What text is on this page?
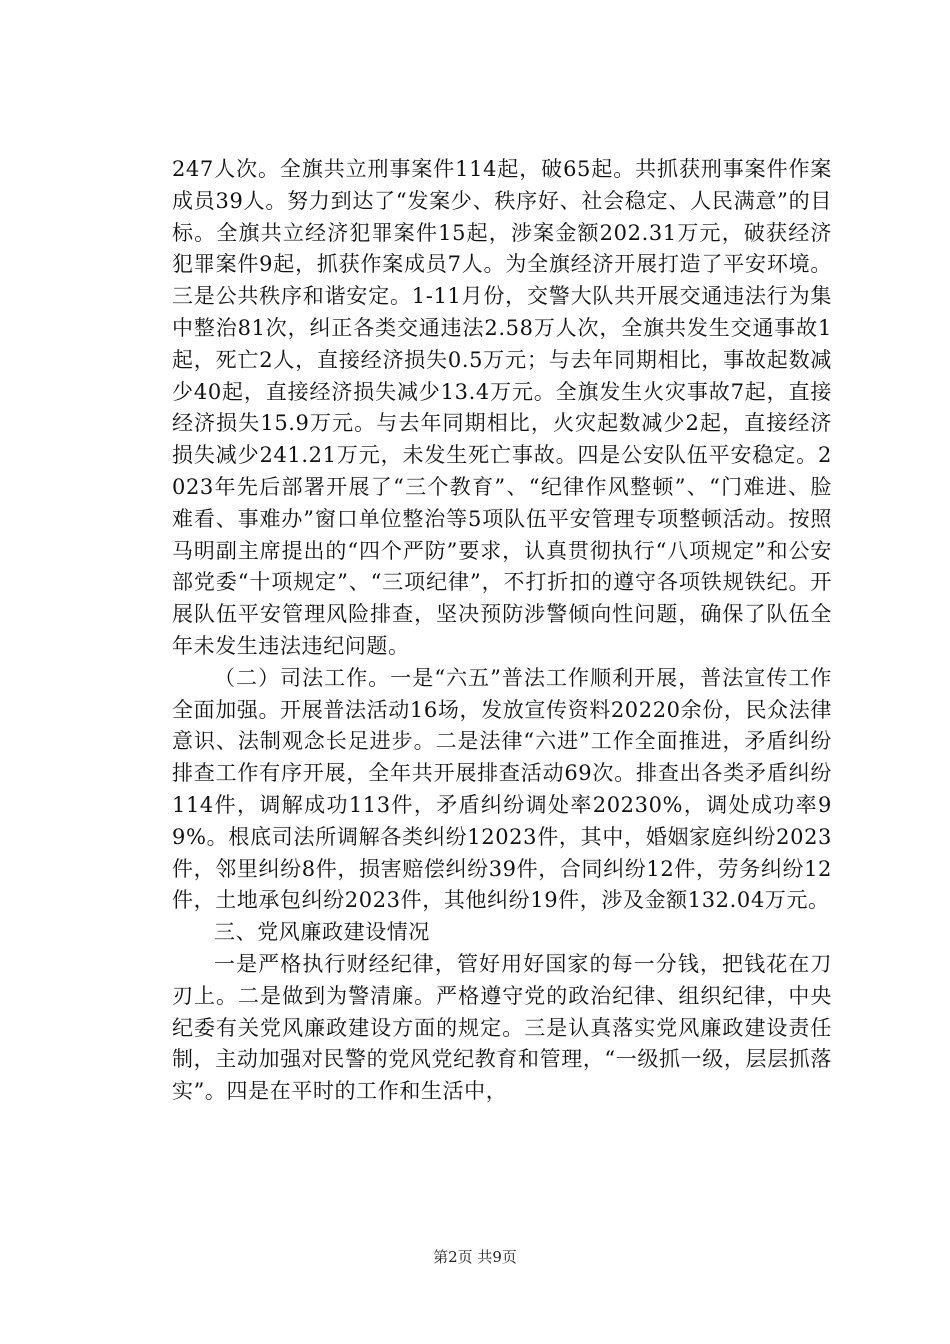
247人次。全旗共立刑事案件114起，破65起。共抓获刑事案件作案成员39人。努力到达了“发案少、秩序好、社会稳定、人民满意”的目标。全旗共立经济犯罪案件15起，涉案金额202.31万元，破获经济犯罪案件9起，抓获作案成员7人。为全旗经济开展打造了平安环境。三是公共秩序和谐安定。1-11月份，交警大队共开展交通违法行为集中整治81次，纠正各类交通违法2.58万人次，全旗共发生交通事故1起，死亡2人，直接经济损失0.5万元；与去年同期相比，事故起数减少40起，直接经济损失减少13.4万元。全旗发生火灾事故7起，直接经济损失15.9万元。与去年同期相比，火灾起数减少2起，直接经济损失减少241.21万元，未发生死亡事故。四是公安队伍平安稳定。2023年先后部署开展了“三个教育”、“纪律作风整顿”、“门难进、脸难看、事难办”窗口单位整治等5项队伍平安管理专项整顿活动。按照马明副主席提出的“四个严防”要求，认真贯彻执行“八项规定”和公安部党委“十项规定”、“三项纪律”，不打折扣的遵守各项铁规铁纪。开展队伍平安管理风险排查，坚决预防涉警倾向性问题，确保了队伍全年未发生违法违纪问题。

（二）司法工作。一是“六五”普法工作顺利开展，普法宣传工作全面加强。开展普法活动16场，发放宣传资料20220余份，民众法律意识、法制观念长足进步。二是法律“六进”工作全面推进，矛盾纠纷排查工作有序开展，全年共开展排查活动69次。排查出各类矛盾纠纷114件，调解成功113件，矛盾纠纷调处率20230%，调处成功率99%。根底司法所调解各类纠纷12023件，其中，婚姻家庭纠纷2023件，邻里纠纷8件，损害赔偿纠纷39件，合同纠纷12件，劳务纠纷12件，土地承包纠纷2023件，其他纠纷19件，涉及金额132.04万元。

三、党风廉政建设情况

一是严格执行财经纪律，管好用好国家的每一分钱，把钱花在刀刃上。二是做到为警清廉。严格遵守党的政治纪律、组织纪律，中央纪委有关党风廉政建设方面的规定。三是认真落实党风廉政建设责任制，主动加强对民警的党风党纪教育和管理，“一级抓一级，层层抓落实”。四是在平时的工作和生活中，

第2页 共9页
